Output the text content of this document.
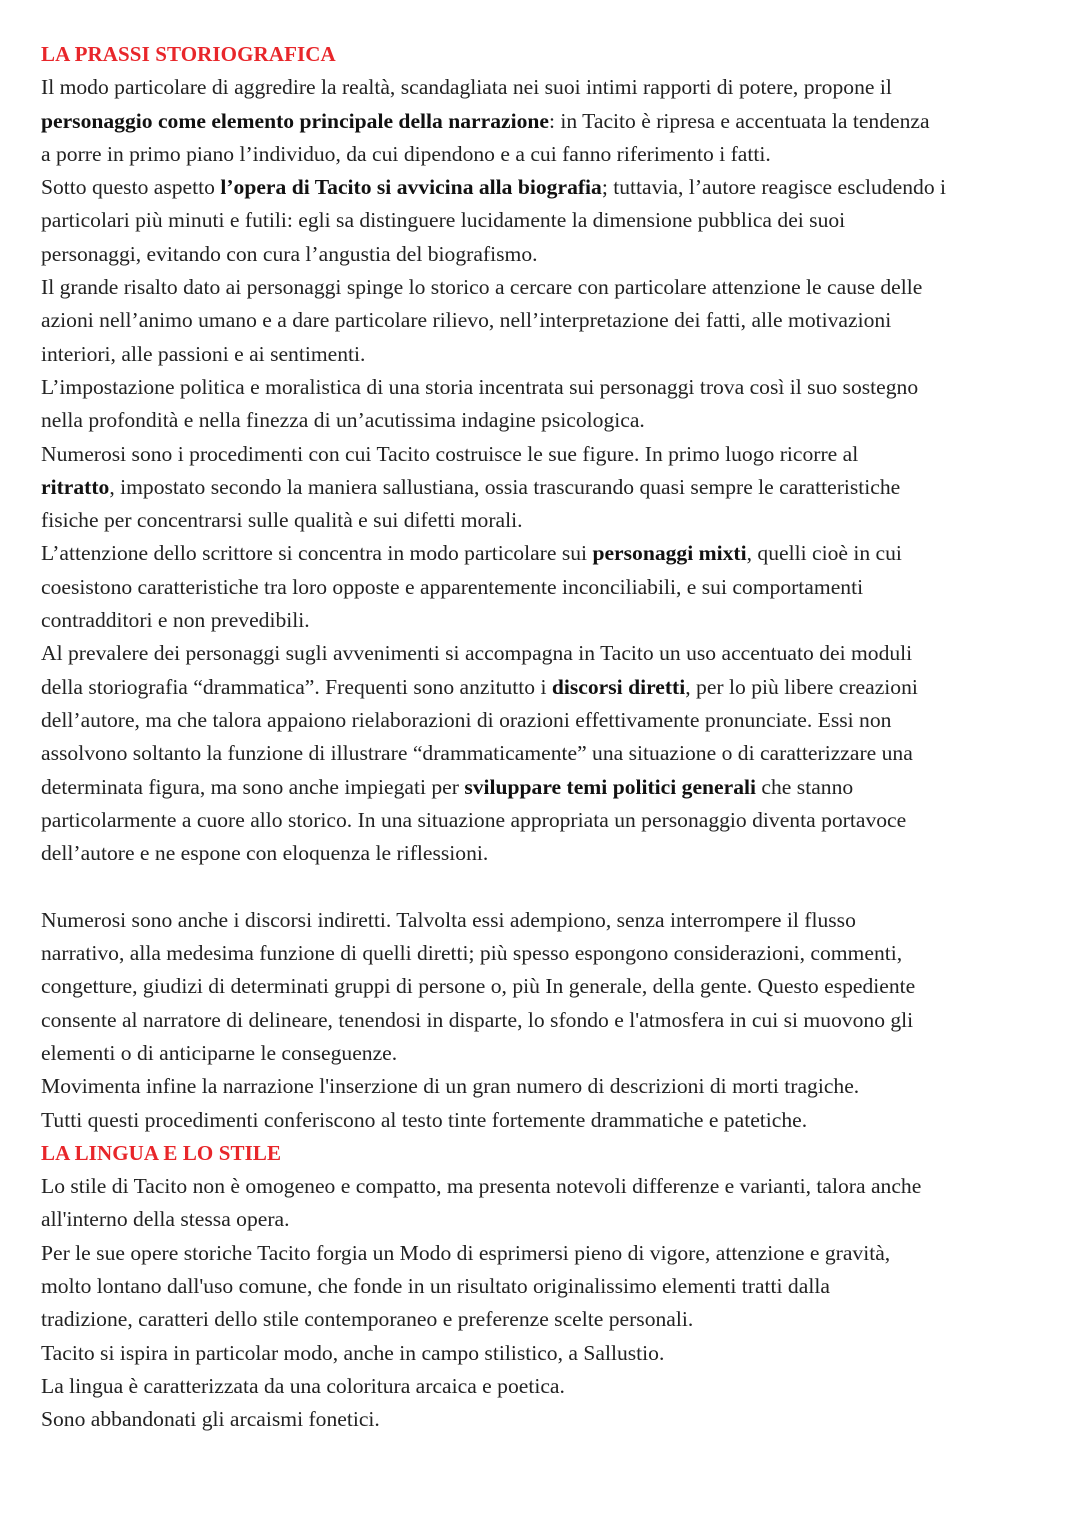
LA PRASSI STORIOGRAFICA

Il modo particolare di aggredire la realtà, scandagliata nei suoi intimi rapporti di potere, propone il

personaggio come elemento principale della narrazione: in Tacito è ripresa e accentuata la tendenza

a porre in primo piano l’individuo, da cui dipendono e a cui fanno riferimento i fatti.

Sotto questo aspetto l’opera di Tacito si avvicina alla biografia; tuttavia, l’autore reagisce escludendo i

particolari più minuti e futili: egli sa distinguere lucidamente la dimensione pubblica dei suoi

personaggi, evitando con cura l’angustia del biografismo.

Il grande risalto dato ai personaggi spinge lo storico a cercare con particolare attenzione le cause delle

azioni nell’animo umano e a dare particolare rilievo, nell’interpretazione dei fatti, alle motivazioni

interiori, alle passioni e ai sentimenti.

L’impostazione politica e moralistica di una storia incentrata sui personaggi trova così il suo sostegno

nella profondità e nella finezza di un’acutissima indagine psicologica.

Numerosi sono i procedimenti con cui Tacito costruisce le sue figure. In primo luogo ricorre al

ritratto, impostato secondo la maniera sallustiana, ossia trascurando quasi sempre le caratteristiche

fisiche per concentrarsi sulle qualità e sui difetti morali.

L’attenzione dello scrittore si concentra in modo particolare sui personaggi mixti, quelli cioè in cui

coesistono caratteristiche tra loro opposte e apparentemente inconciliabili, e sui comportamenti

contradditori e non prevedibili.

Al prevalere dei personaggi sugli avvenimenti si accompagna in Tacito un uso accentuato dei moduli

della storiografia “drammatica”. Frequenti sono anzitutto i discorsi diretti, per lo più libere creazioni

dell’autore, ma che talora appaiono rielaborazioni di orazioni effettivamente pronunciate. Essi non

assolvono soltanto la funzione di illustrare “drammaticamente” una situazione o di caratterizzare una

determinata figura, ma sono anche impiegati per sviluppare temi politici generali che stanno

particolarmente a cuore allo storico. In una situazione appropriata un personaggio diventa portavoce

dell’autore e ne espone con eloquenza le riflessioni.

Numerosi sono anche i discorsi indiretti. Talvolta essi adempiono, senza interrompere il flusso

narrativo, alla medesima funzione di quelli diretti; più spesso espongono considerazioni, commenti,

congetture, giudizi di determinati gruppi di persone o, più In generale, della gente. Questo espediente

consente al narratore di delineare, tenendosi in disparte, lo sfondo e l'atmosfera in cui si muovono gli

elementi o di anticiparne le conseguenze.

Movimenta infine la narrazione l'inserzione di un gran numero di descrizioni di morti tragiche.

Tutti questi procedimenti conferiscono al testo tinte fortemente drammatiche e patetiche.

LA LINGUA E LO STILE

Lo stile di Tacito non è omogeneo e compatto, ma presenta notevoli differenze e varianti, talora anche

all'interno della stessa opera.

Per le sue opere storiche Tacito forgia un Modo di esprimersi pieno di vigore, attenzione e gravità,

molto lontano dall'uso comune, che fonde in un risultato originalissimo elementi tratti dalla

tradizione, caratteri dello stile contemporaneo e preferenze scelte personali.

Tacito si ispira in particolar modo, anche in campo stilistico, a Sallustio.

La lingua è caratterizzata da una coloritura arcaica e poetica.

Sono abbandonati gli arcaismi fonetici.
